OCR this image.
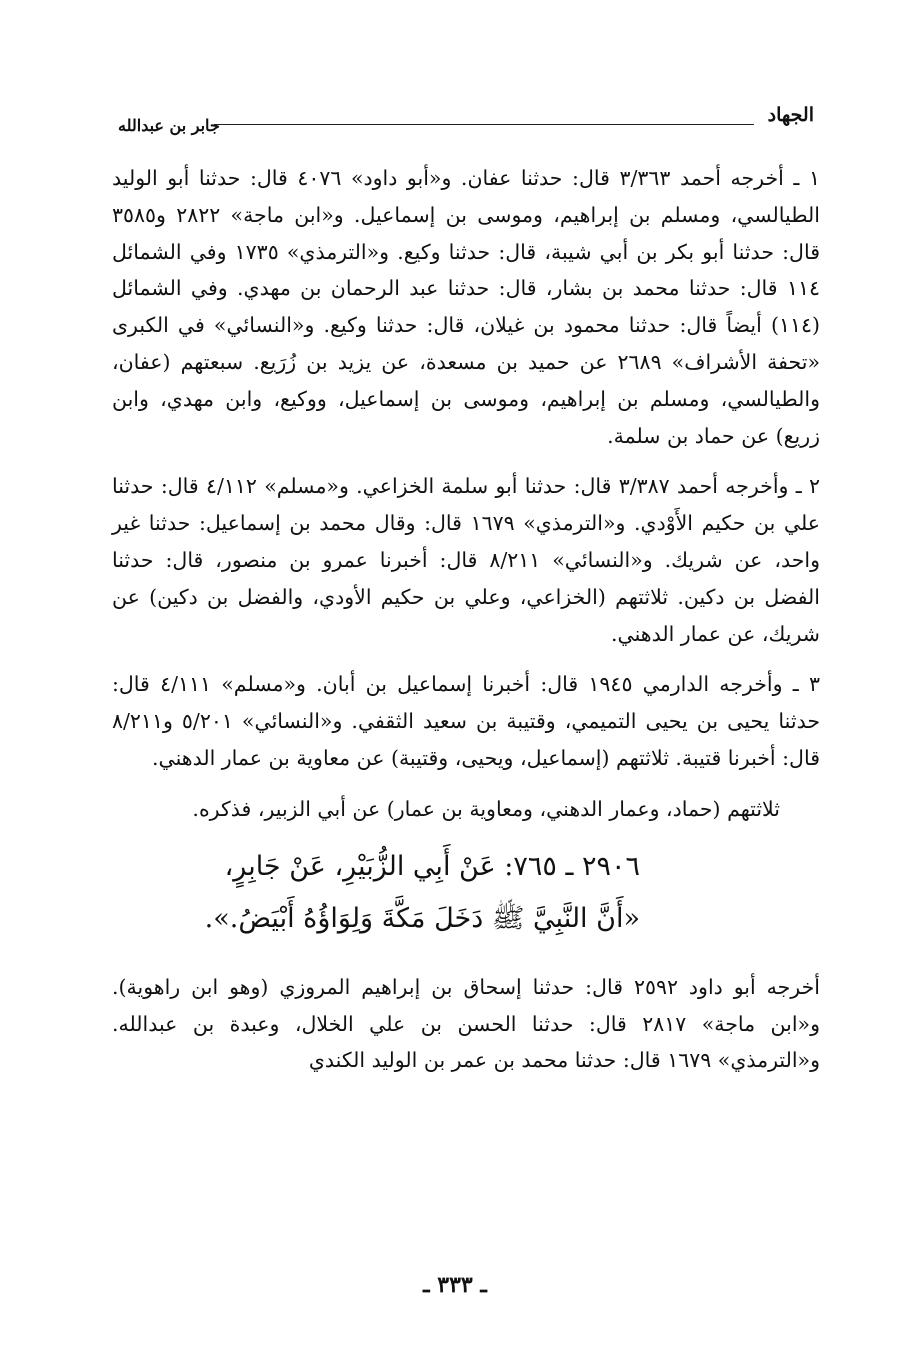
الجهاد
جابر بن عبدالله

١ ـ أخرجه أحمد ٣/٣٦٣ قال: حدثنا عفان. و«أبو داود» ٤٠٧٦ قال: حدثنا أبو الوليد الطيالسي، ومسلم بن إبراهيم، وموسى بن إسماعيل. و«ابن ماجة» ٢٨٢٢ و٣٥٨٥ قال: حدثنا أبو بكر بن أبي شيبة، قال: حدثنا وكيع. و«الترمذي» ١٧٣٥ وفي الشمائل ١١٤ قال: حدثنا محمد بن بشار، قال: حدثنا عبد الرحمان بن مهدي. وفي الشمائل (١١٤) أيضاً قال: حدثنا محمود بن غيلان، قال: حدثنا وكيع. و«النسائي» في الكبرى «تحفة الأشراف» ٢٦٨٩ عن حميد بن مسعدة، عن يزيد بن زُرَيع. سبعتهم (عفان، والطيالسي، ومسلم بن إبراهيم، وموسى بن إسماعيل، ووكيع، وابن مهدي، وابن زريع) عن حماد بن سلمة.

٢ ـ وأخرجه أحمد ٣/٣٨٧ قال: حدثنا أبو سلمة الخزاعي. و«مسلم» ٤/١١٢ قال: حدثنا علي بن حكيم الأَوْدي. و«الترمذي» ١٦٧٩ قال: وقال محمد بن إسماعيل: حدثنا غير واحد، عن شريك. و«النسائي» ٨/٢١١ قال: أخبرنا عمرو بن منصور، قال: حدثنا الفضل بن دكين. ثلاثتهم (الخزاعي، وعلي بن حكيم الأودي، والفضل بن دكين) عن شريك، عن عمار الدهني.

٣ ـ وأخرجه الدارمي ١٩٤٥ قال: أخبرنا إسماعيل بن أبان. و«مسلم» ٤/١١١ قال: حدثنا يحيى بن يحيى التميمي، وقتيبة بن سعيد الثقفي. و«النسائي» ٥/٢٠١ و٨/٢١١ قال: أخبرنا قتيبة. ثلاثتهم (إسماعيل، ويحيى، وقتيبة) عن معاوية بن عمار الدهني.

ثلاثتهم (حماد، وعمار الدهني، ومعاوية بن عمار) عن أبي الزبير، فذكره.

٢٩٠٦ ـ ٧٦٥: عَنْ أَبِي الزُّبَيْرِ، عَنْ جَابِرٍ،
«أَنَّ النَّبِيَّ ﷺ دَخَلَ مَكَّةَ وَلِوَاؤُهُ أَبْيَضُ.».

أخرجه أبو داود ٢٥٩٢ قال: حدثنا إسحاق بن إبراهيم المروزي (وهو ابن راهوية). و«ابن ماجة» ٢٨١٧ قال: حدثنا الحسن بن علي الخلال، وعبدة بن عبدالله. و«الترمذي» ١٦٧٩ قال: حدثنا محمد بن عمر بن الوليد الكندي

ـ ٣٣٣ ـ
